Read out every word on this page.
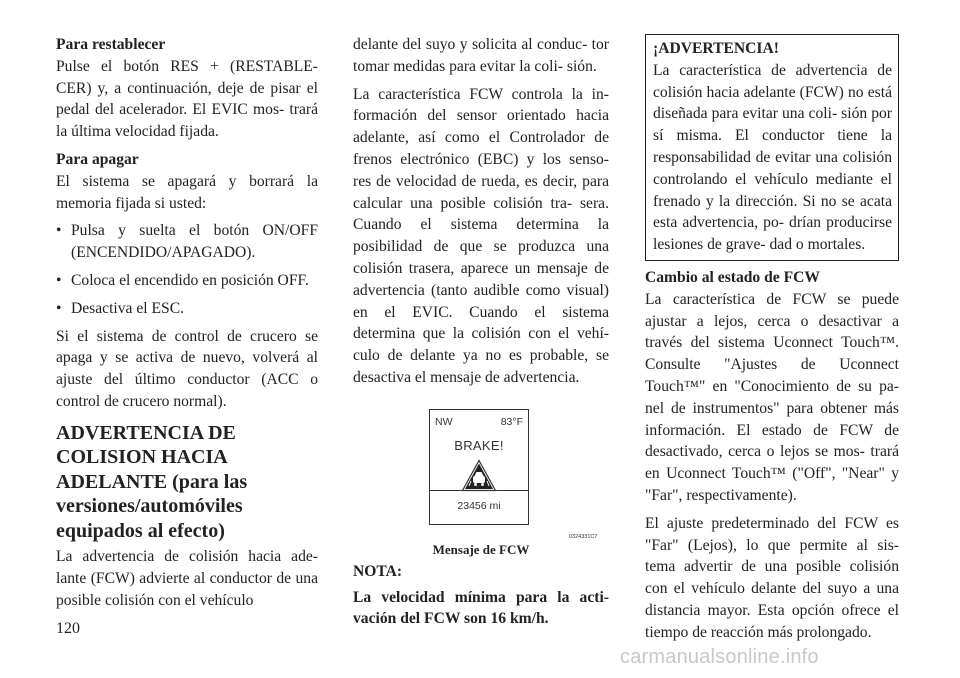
Para restablecer

Pulse el botón RES + (RESTABLE- CER) y, a continuación, deje de pisar el pedal del acelerador. El EVIC mos- trará la última velocidad fijada.

Para apagar

El sistema se apagará y borrará la memoria fijada si usted:

• Pulsa y suelta el botón ON/OFF (ENCENDIDO/APAGADO).
• Coloca el encendido en posición OFF.
• Desactiva el ESC.

Si el sistema de control de crucero se apaga y se activa de nuevo, volverá al ajuste del último conductor (ACC o control de crucero normal).

ADVERTENCIA DE COLISION HACIA ADELANTE (para las versiones/automóviles equipados al efecto)

La advertencia de colisión hacia ade- lante (FCW) advierte al conductor de una posible colisión con el vehículo

delante del suyo y solicita al conduc- tor tomar medidas para evitar la coli- sión.

La característica FCW controla la in- formación del sensor orientado hacia adelante, así como el Controlador de frenos electrónico (EBC) y los senso- res de velocidad de rueda, es decir, para calcular una posible colisión tra- sera. Cuando el sistema determina la posibilidad de que se produzca una colisión trasera, aparece un mensaje de advertencia (tanto audible como visual) en el EVIC. Cuando el sistema determina que la colisión con el vehí- culo de delante ya no es probable, se desactiva el mensaje de advertencia.

NW	83°F
BRAKE!
23456 mi
0324331C7
Mensaje de FCW
NOTA:

La velocidad mínima para la acti- vación del FCW son 16 km/h.

¡ADVERTENCIA!

La característica de advertencia de colisión hacia adelante (FCW) no está diseñada para evitar una coli- sión por sí misma. El conductor tiene la responsabilidad de evitar una colisión controlando el vehículo mediante el frenado y la dirección. Si no se acata esta advertencia, po- drían producirse lesiones de grave- dad o mortales.

Cambio al estado de FCW

La característica de FCW se puede ajustar a lejos, cerca o desactivar a través del sistema Uconnect Touch™. Consulte "Ajustes de Uconnect Touch™" en "Conocimiento de su pa- nel de instrumentos" para obtener más información. El estado de FCW de desactivado, cerca o lejos se mos- trará en Uconnect Touch™ ("Off", "Near" y "Far", respectivamente).

El ajuste predeterminado del FCW es "Far" (Lejos), lo que permite al sis- tema advertir de una posible colisión con el vehículo delante del suyo a una distancia mayor. Esta opción ofrece el tiempo de reacción más prolongado.

120
carmanualsonline.info
